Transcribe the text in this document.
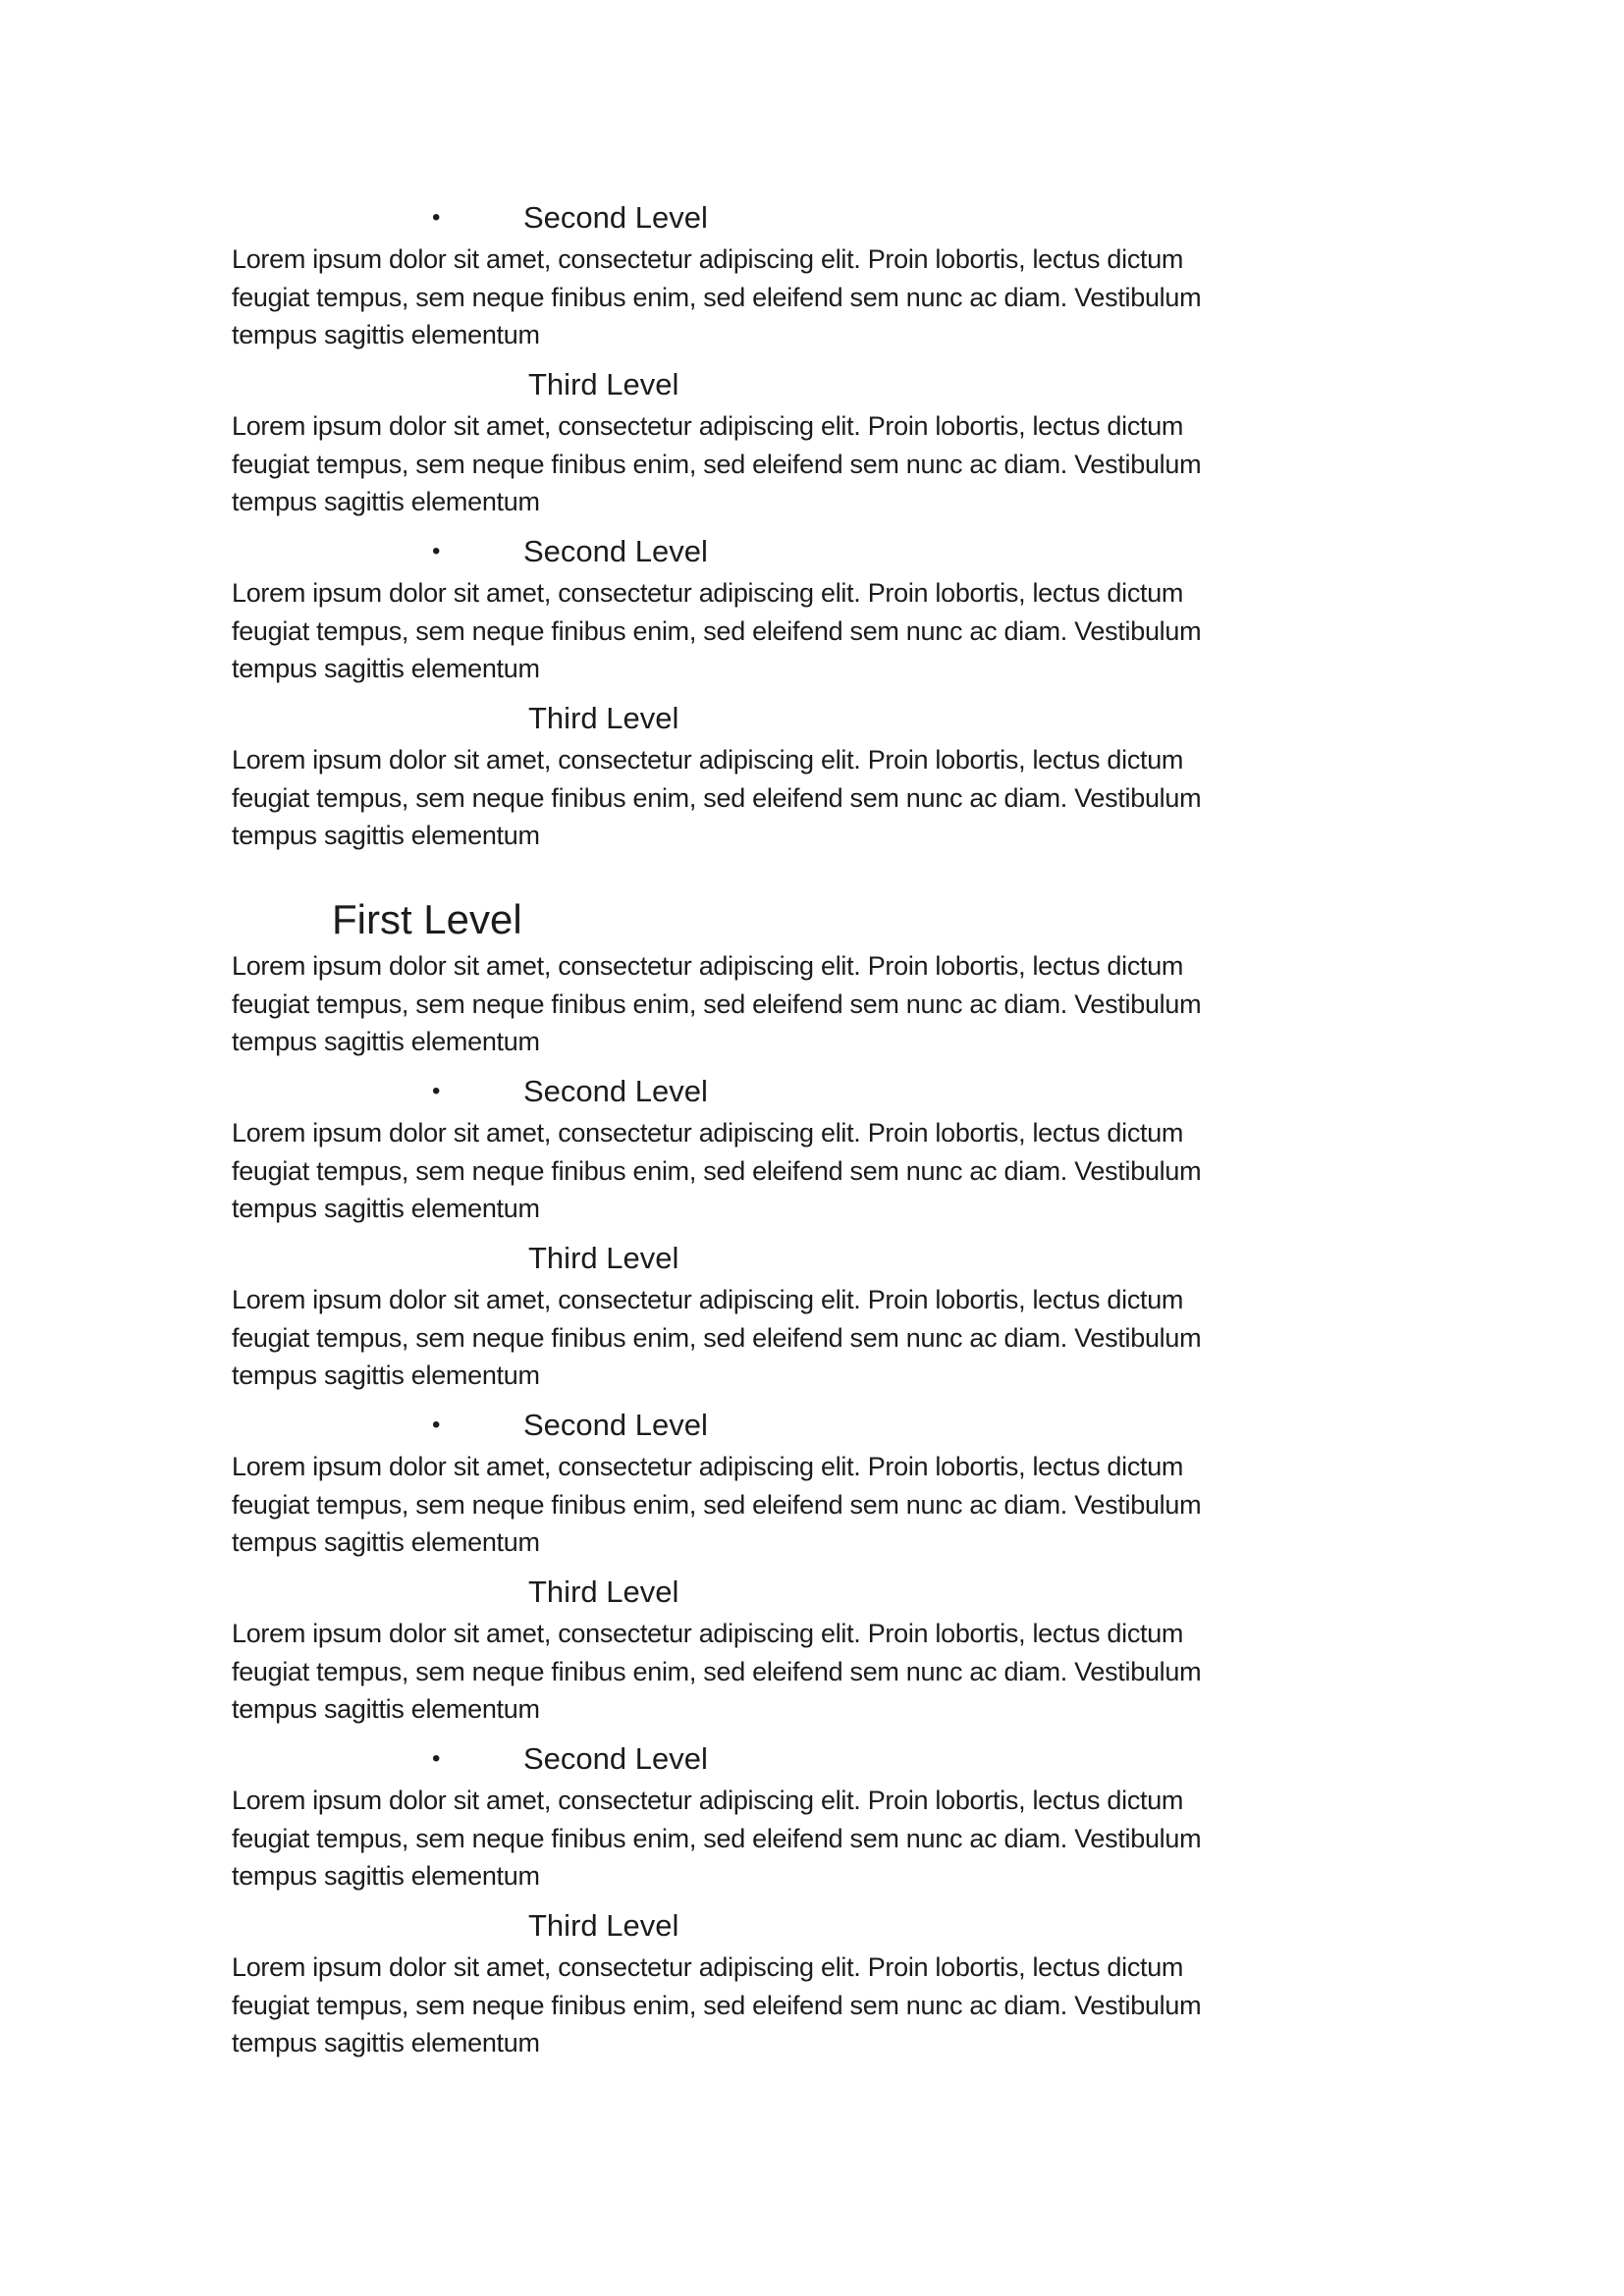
•	Second Level
Lorem ipsum dolor sit amet, consectetur adipiscing elit. Proin lobortis, lectus dictum
feugiat tempus, sem neque finibus enim, sed eleifend sem nunc ac diam. Vestibulum
tempus sagittis elementum
Third Level
Lorem ipsum dolor sit amet, consectetur adipiscing elit. Proin lobortis, lectus dictum
feugiat tempus, sem neque finibus enim, sed eleifend sem nunc ac diam. Vestibulum
tempus sagittis elementum
•	Second Level
Lorem ipsum dolor sit amet, consectetur adipiscing elit. Proin lobortis, lectus dictum
feugiat tempus, sem neque finibus enim, sed eleifend sem nunc ac diam. Vestibulum
tempus sagittis elementum
Third Level
Lorem ipsum dolor sit amet, consectetur adipiscing elit. Proin lobortis, lectus dictum
feugiat tempus, sem neque finibus enim, sed eleifend sem nunc ac diam. Vestibulum
tempus sagittis elementum
First Level
Lorem ipsum dolor sit amet, consectetur adipiscing elit. Proin lobortis, lectus dictum
feugiat tempus, sem neque finibus enim, sed eleifend sem nunc ac diam. Vestibulum
tempus sagittis elementum
•	Second Level
Lorem ipsum dolor sit amet, consectetur adipiscing elit. Proin lobortis, lectus dictum
feugiat tempus, sem neque finibus enim, sed eleifend sem nunc ac diam. Vestibulum
tempus sagittis elementum
Third Level
Lorem ipsum dolor sit amet, consectetur adipiscing elit. Proin lobortis, lectus dictum
feugiat tempus, sem neque finibus enim, sed eleifend sem nunc ac diam. Vestibulum
tempus sagittis elementum
•	Second Level
Lorem ipsum dolor sit amet, consectetur adipiscing elit. Proin lobortis, lectus dictum
feugiat tempus, sem neque finibus enim, sed eleifend sem nunc ac diam. Vestibulum
tempus sagittis elementum
Third Level
Lorem ipsum dolor sit amet, consectetur adipiscing elit. Proin lobortis, lectus dictum
feugiat tempus, sem neque finibus enim, sed eleifend sem nunc ac diam. Vestibulum
tempus sagittis elementum
•	Second Level
Lorem ipsum dolor sit amet, consectetur adipiscing elit. Proin lobortis, lectus dictum
feugiat tempus, sem neque finibus enim, sed eleifend sem nunc ac diam. Vestibulum
tempus sagittis elementum
Third Level
Lorem ipsum dolor sit amet, consectetur adipiscing elit. Proin lobortis, lectus dictum
feugiat tempus, sem neque finibus enim, sed eleifend sem nunc ac diam. Vestibulum
tempus sagittis elementum
